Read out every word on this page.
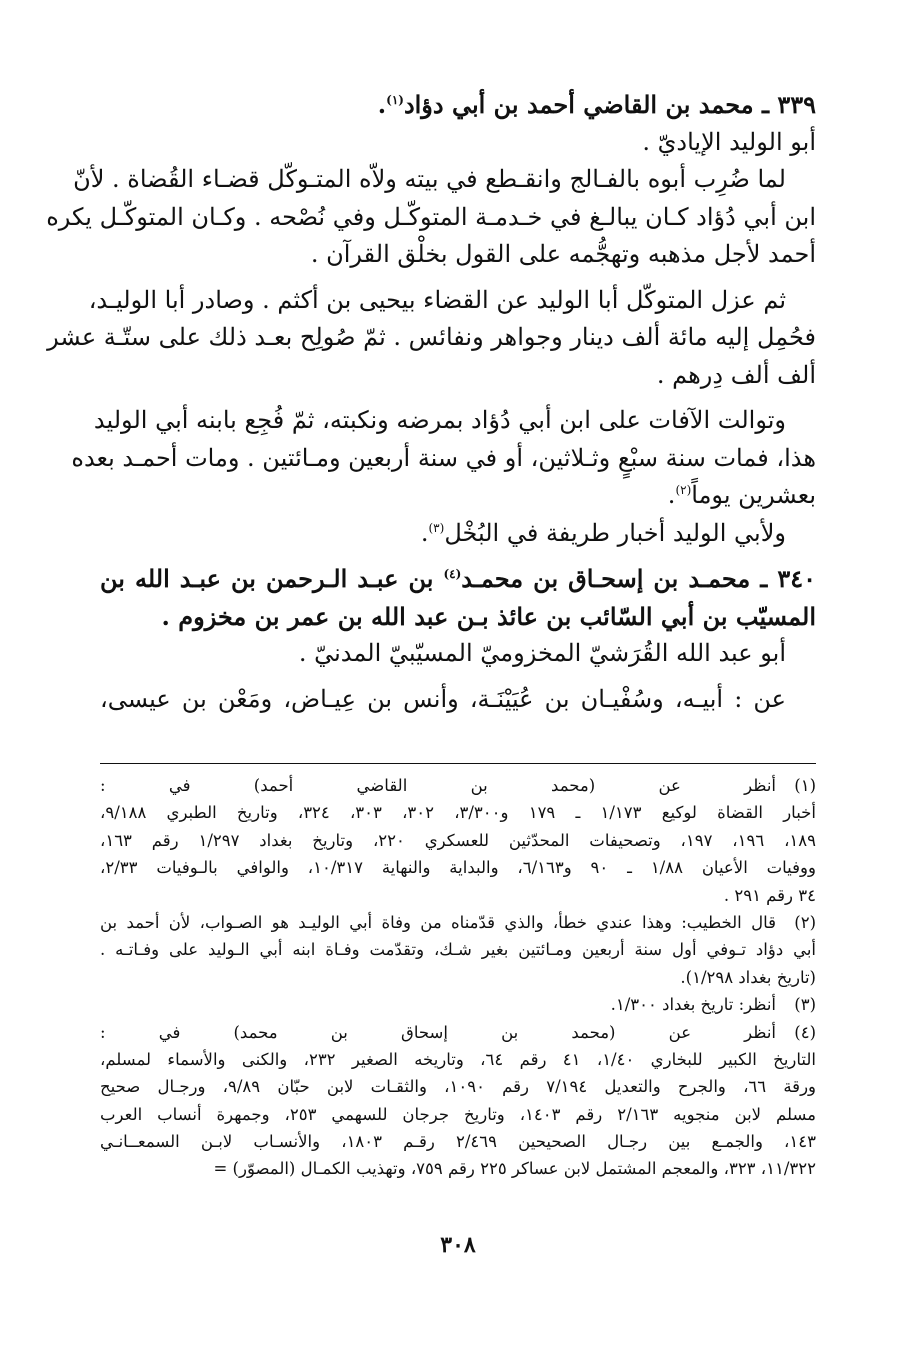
٣٣٩ ـ محمد بن القاضي أحمد بن أبي دؤاد$^{(١)}$.
أبو الوليد الإياديّ .
لما ضُرِب أبوه بالفـالج وانقـطع في بيته ولاّه المتـوكّل قضـاء القُضاة . لأنّ
ابن أبي دُؤاد كـان يبالـغ في خـدمـة المتوكّـل وفي نُصْحه . وكـان المتوكّـل يكره
أحمد لأجل مذهبه وتهجُّمه على القول بخلْق القرآن .
ثم عزل المتوكّل أبا الوليد عن القضاء بيحيى بن أكثم . وصادر أبا الوليـد،
فحُمِل إليه مائة ألف دينار وجواهر ونفائس . ثمّ صُولِح بعـد ذلك على ستّـة عشر
ألف ألف دِرهم .
وتوالت الآفات على ابن أبي دُؤاد بمرضه ونكبته، ثمّ فُجِع بابنه أبي الوليد
هذا، فمات سنة سبْعٍ وثـلاثين، أو في سنة أربعين ومـائتين . ومات أحمـد بعده
بعشرين يوماً$^{(٢)}$.
ولأبي الوليد أخبار طريفة في البُخْل$^{(٣)}$.
٣٤٠ ـ محمـد بن إسحـاق بن محمـد$^{(٤)}$ بن عبـد الـرحمن بن عبـد الله بن
المسيّب بن أبي السّائب بن عائذ بـن عبد الله بن عمر بن مخزوم .
أبو عبد الله القُرَشيّ المخزوميّ المسيّبيّ المدنيّ .
عن : أبيـه، وسُفْيـان بن عُيَيْنَـة، وأنس بن عِيـاض، ومَعْن بن عيسى،
(١)
أنظر عن (محمد بن القاضي أحمد) في :
أخبار القضاة لوكيع ١/١٧٣ ـ ١٧٩ و٣/٣٠٠، ٣٠٢، ٣٠٣، ٣٢٤، وتاريخ الطبري ٩/١٨٨،
١٨٩، ١٩٦، ١٩٧، وتصحيفات المحدّثين للعسكري ٢٢٠، وتاريخ بغداد ١/٢٩٧ رقم ١٦٣،
ووفيات الأعيان ١/٨٨ ـ ٩٠ و٦/١٦٣، والبداية والنهاية ١٠/٣١٧، والوافي بالـوفيات ٢/٣٣،
٣٤ رقم ٢٩١ .
(٢)
قال الخطيب: وهذا عندي خطأ، والذي قدّمناه من وفاة أبي الوليـد هو الصـواب، لأن أحمد بن
أبي دؤاد تـوفي أول سنة أربعين ومـائتين بغير شـك، وتقدّمت وفـاة ابنه أبي الـوليد على وفـاتـه .
(تاريخ بغداد ١/٢٩٨).
(٣)
أنظر: تاريخ بغداد ١/٣٠٠.
(٤)
أنظر عن (محمد بن إسحاق بن محمد) في :
التاريخ الكبير للبخاري ١/٤٠، ٤١ رقم ٦٤، وتاريخه الصغير ٢٣٢، والكنى والأسماء لمسلم،
ورقة ٦٦، والجرح والتعديل ٧/١٩٤ رقم ١٠٩٠، والثقـات لابن حبّان ٩/٨٩، ورجـال صحيح
مسلم لابن منجويه ٢/١٦٣ رقم ١٤٠٣، وتاريخ جرجان للسهمي ٢٥٣، وجمهرة أنساب العرب
١٤٣، والجمـع بين رجـال الصحيحين ٢/٤٦٩ رقـم ١٨٠٣، والأنسـاب لابـن السمعــانـي
١١/٣٢٢، ٣٢٣، والمعجم المشتمل لابن عساكر ٢٢٥ رقم ٧٥٩، وتهذيب الكمـال (المصوّر) =
٣٠٨
